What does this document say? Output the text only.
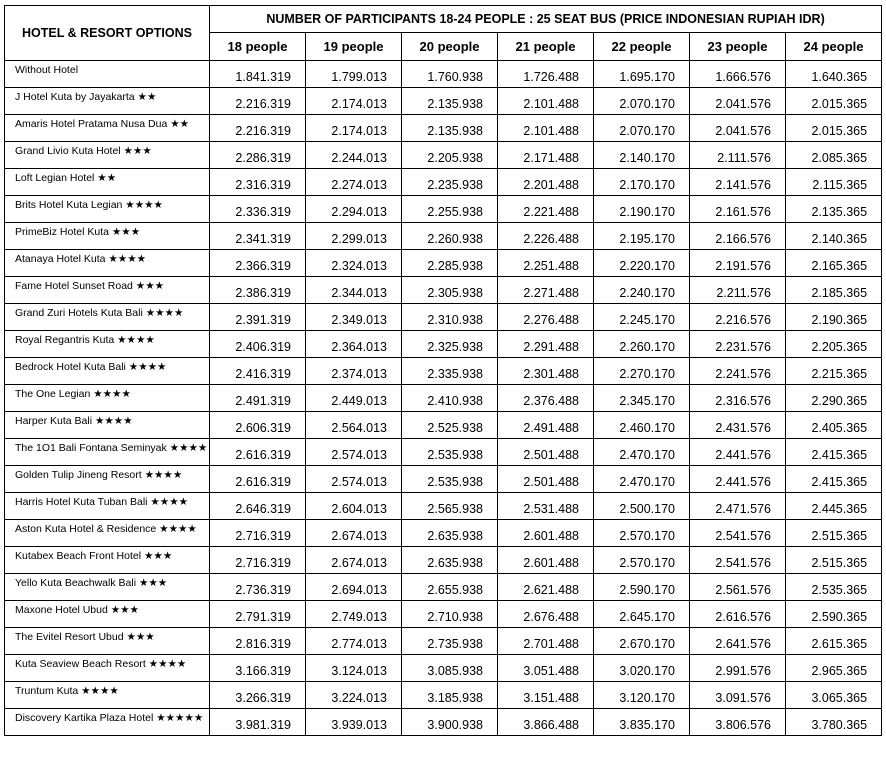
HOTEL & RESORT OPTIONS	NUMBER OF PARTICIPANTS 18-24 PEOPLE : 25 SEAT BUS (PRICE INDONESIAN RUPIAH IDR)						
	18 people	19 people	20 people	21 people	22 people	23 people	24 people
Without Hotel	1.841.319	1.799.013	1.760.938	1.726.488	1.695.170	1.666.576	1.640.365
J Hotel Kuta by Jayakarta ★★	2.216.319	2.174.013	2.135.938	2.101.488	2.070.170	2.041.576	2.015.365
Amaris Hotel Pratama Nusa Dua ★★	2.216.319	2.174.013	2.135.938	2.101.488	2.070.170	2.041.576	2.015.365
Grand Livio Kuta Hotel ★★★	2.286.319	2.244.013	2.205.938	2.171.488	2.140.170	2.111.576	2.085.365
Loft Legian Hotel ★★	2.316.319	2.274.013	2.235.938	2.201.488	2.170.170	2.141.576	2.115.365
Brits Hotel Kuta Legian ★★★★	2.336.319	2.294.013	2.255.938	2.221.488	2.190.170	2.161.576	2.135.365
PrimeBiz Hotel Kuta ★★★	2.341.319	2.299.013	2.260.938	2.226.488	2.195.170	2.166.576	2.140.365
Atanaya Hotel Kuta ★★★★	2.366.319	2.324.013	2.285.938	2.251.488	2.220.170	2.191.576	2.165.365
Fame Hotel Sunset Road ★★★	2.386.319	2.344.013	2.305.938	2.271.488	2.240.170	2.211.576	2.185.365
Grand Zuri Hotels Kuta Bali ★★★★	2.391.319	2.349.013	2.310.938	2.276.488	2.245.170	2.216.576	2.190.365
Royal Regantris Kuta ★★★★	2.406.319	2.364.013	2.325.938	2.291.488	2.260.170	2.231.576	2.205.365
Bedrock Hotel Kuta Bali ★★★★	2.416.319	2.374.013	2.335.938	2.301.488	2.270.170	2.241.576	2.215.365
The One Legian ★★★★	2.491.319	2.449.013	2.410.938	2.376.488	2.345.170	2.316.576	2.290.365
Harper Kuta Bali ★★★★	2.606.319	2.564.013	2.525.938	2.491.488	2.460.170	2.431.576	2.405.365
The 1O1 Bali Fontana Seminyak ★★★★	2.616.319	2.574.013	2.535.938	2.501.488	2.470.170	2.441.576	2.415.365
Golden Tulip Jineng Resort ★★★★	2.616.319	2.574.013	2.535.938	2.501.488	2.470.170	2.441.576	2.415.365
Harris Hotel Kuta Tuban Bali ★★★★	2.646.319	2.604.013	2.565.938	2.531.488	2.500.170	2.471.576	2.445.365
Aston Kuta Hotel & Residence ★★★★	2.716.319	2.674.013	2.635.938	2.601.488	2.570.170	2.541.576	2.515.365
Kutabex Beach Front Hotel ★★★	2.716.319	2.674.013	2.635.938	2.601.488	2.570.170	2.541.576	2.515.365
Yello Kuta Beachwalk Bali ★★★	2.736.319	2.694.013	2.655.938	2.621.488	2.590.170	2.561.576	2.535.365
Maxone Hotel Ubud ★★★	2.791.319	2.749.013	2.710.938	2.676.488	2.645.170	2.616.576	2.590.365
The Evitel Resort Ubud ★★★	2.816.319	2.774.013	2.735.938	2.701.488	2.670.170	2.641.576	2.615.365
Kuta Seaview Beach Resort ★★★★	3.166.319	3.124.013	3.085.938	3.051.488	3.020.170	2.991.576	2.965.365
Truntum Kuta ★★★★	3.266.319	3.224.013	3.185.938	3.151.488	3.120.170	3.091.576	3.065.365
Discovery Kartika Plaza Hotel ★★★★★	3.981.319	3.939.013	3.900.938	3.866.488	3.835.170	3.806.576	3.780.365
